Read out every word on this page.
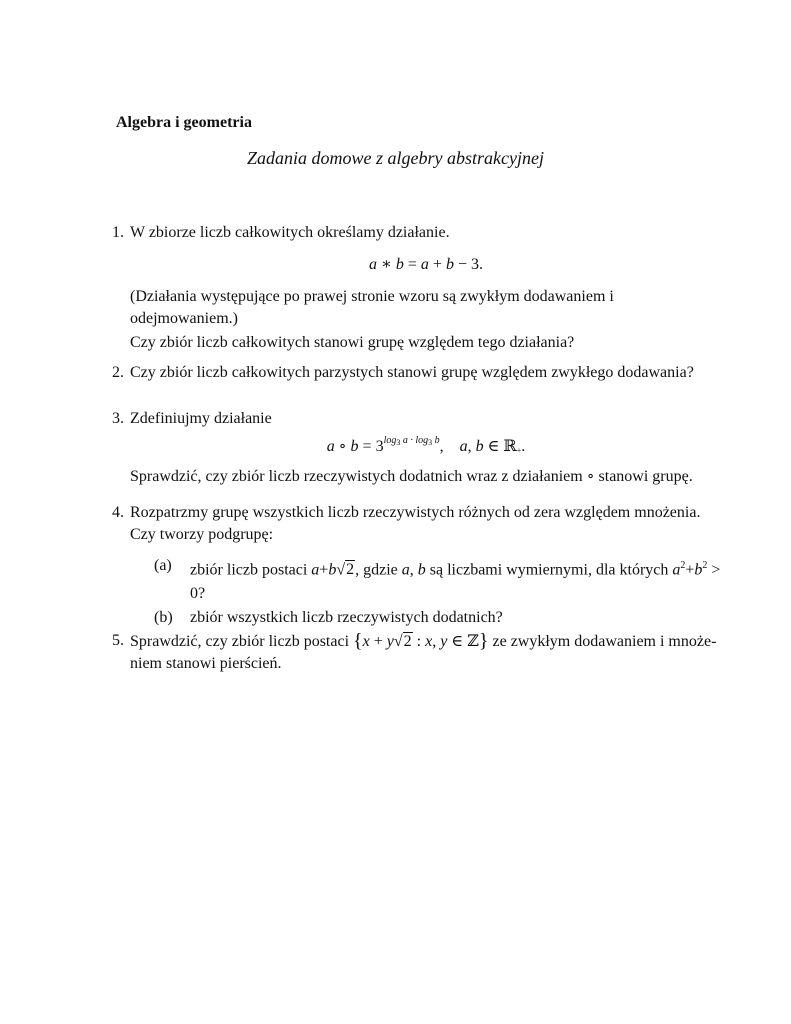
Algebra i geometria
Zadania domowe z algebry abstrakcyjnej
1. W zbiorze liczb całkowitych określamy działanie.
a ∗ b = a + b − 3.
(Działania występujące po prawej stronie wzoru są zwykłym dodawaniem i odejmowaniem.)
Czy zbiór liczb całkowitych stanowi grupę względem tego działania?
2. Czy zbiór liczb całkowitych parzystych stanowi grupę względem zwykłego dodawania?
3. Zdefiniujmy działanie
a ∘ $b = 3^{log_3 a \cdot log_3 b}$,    a, b ∈ ℝ$_+$.
Sprawdzić, czy zbiór liczb rzeczywistych dodatnich wraz z działaniem ∘ stanowi grupę.
4. Rozpatrzmy grupę wszystkich liczb rzeczywistych różnych od zera względem mnożenia.
Czy tworzy podgrupę:
(a) zbiór liczb postaci a+b√2, gdzie a, b są liczbami wymiernymi, dla których $a^2+b^2 > 0$?
(b) zbiór wszystkich liczb rzeczywistych dodatnich?
5. Sprawdzić, czy zbiór liczb postaci {x + y√2 : x, y ∈ ℤ} ze zwykłym dodawaniem i mnoże-
niem stanowi pierścień.
